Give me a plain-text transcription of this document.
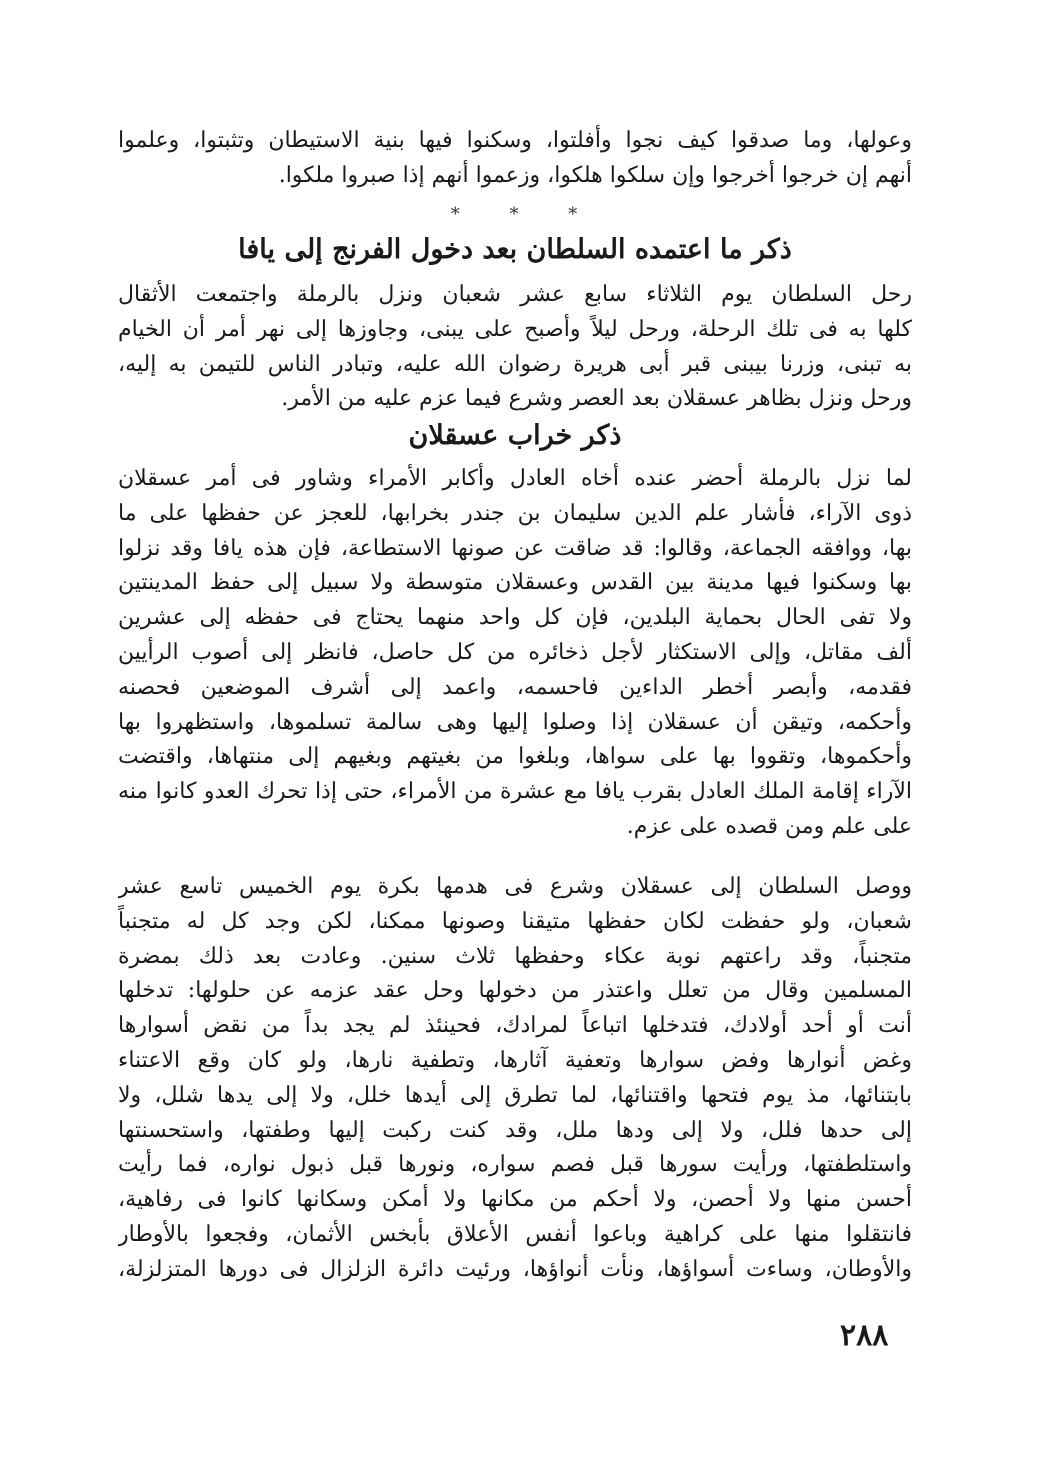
وعولها، وما صدقوا كيف نجوا وأفلتوا، وسكنوا فيها بنية الاستيطان وتثبتوا، وعلموا
أنهم إن خرجوا أخرجوا وإن سلكوا هلكوا، وزعموا أنهم إذا صبروا ملكوا.
* * *
ذكر ما اعتمده السلطان بعد دخول الفرنج إلى يافا
رحل السلطان يوم الثلاثاء سابع عشر شعبان ونزل بالرملة واجتمعت الأثقال
كلها به فى تلك الرحلة، ورحل ليلاً وأصبح على يبنى، وجاوزها إلى نهر أمر أن الخيام
به تبنى، وزرنا بيبنى قبر أبى هريرة رضوان الله عليه، وتبادر الناس للتيمن به إليه،
ورحل ونزل بظاهر عسقلان بعد العصر وشرع فيما عزم عليه من الأمر.
ذكر خراب عسقلان
لما نزل بالرملة أحضر عنده أخاه العادل وأكابر الأمراء وشاور فى أمر عسقلان
ذوى الآراء، فأشار علم الدين سليمان بن جندر بخرابها، للعجز عن حفظها على ما
بها، ووافقه الجماعة، وقالوا: قد ضاقت عن صونها الاستطاعة، فإن هذه يافا وقد نزلوا
بها وسكنوا فيها مدينة بين القدس وعسقلان متوسطة ولا سبيل إلى حفظ المدينتين
ولا تفى الحال بحماية البلدين، فإن كل واحد منهما يحتاج فى حفظه إلى عشرين
ألف مقاتل، وإلى الاستكثار لأجل ذخائره من كل حاصل، فانظر إلى أصوب الرأيين
فقدمه، وأبصر أخطر الداءين فاحسمه، واعمد إلى أشرف الموضعين فحصنه
وأحكمه، وتيقن أن عسقلان إذا وصلوا إليها وهى سالمة تسلموها، واستظهروا بها
وأحكموها، وتقووا بها على سواها، وبلغوا من بغيتهم وبغيهم إلى منتهاها، واقتضت
الآراء إقامة الملك العادل بقرب يافا مع عشرة من الأمراء، حتى إذا تحرك العدو كانوا منه
على علم ومن قصده على عزم.
ووصل السلطان إلى عسقلان وشرع فى هدمها بكرة يوم الخميس تاسع عشر
شعبان، ولو حفظت لكان حفظها متيقنا وصونها ممكنا، لكن وجد كل له متجنباً
متجنباً، وقد راعتهم نوبة عكاء وحفظها ثلاث سنين. وعادت بعد ذلك بمضرة
المسلمين وقال من تعلل واعتذر من دخولها وحل عقد عزمه عن حلولها: تدخلها
أنت أو أحد أولادك، فتدخلها اتباعاً لمرادك، فحينئذ لم يجد بداً من نقض أسوارها
وغض أنوارها وفض سوارها وتعفية آثارها، وتطفية نارها، ولو كان وقع الاعتناء
بابتنائها، مذ يوم فتحها واقتنائها، لما تطرق إلى أيدها خلل، ولا إلى يدها شلل، ولا
إلى حدها فلل، ولا إلى ودها ملل، وقد كنت ركبت إليها وطفتها، واستحسنتها
واستلطفتها، ورأيت سورها قبل فصم سواره، ونورها قبل ذبول نواره، فما رأيت
أحسن منها ولا أحصن، ولا أحكم من مكانها ولا أمكن وسكانها كانوا فى رفاهية،
فانتقلوا منها على كراهية وباعوا أنفس الأعلاق بأبخس الأثمان، وفجعوا بالأوطار
والأوطان، وساءت أسواؤها، ونأت أنواؤها، ورئيت دائرة الزلزال فى دورها المتزلزلة،
٢٨٨
